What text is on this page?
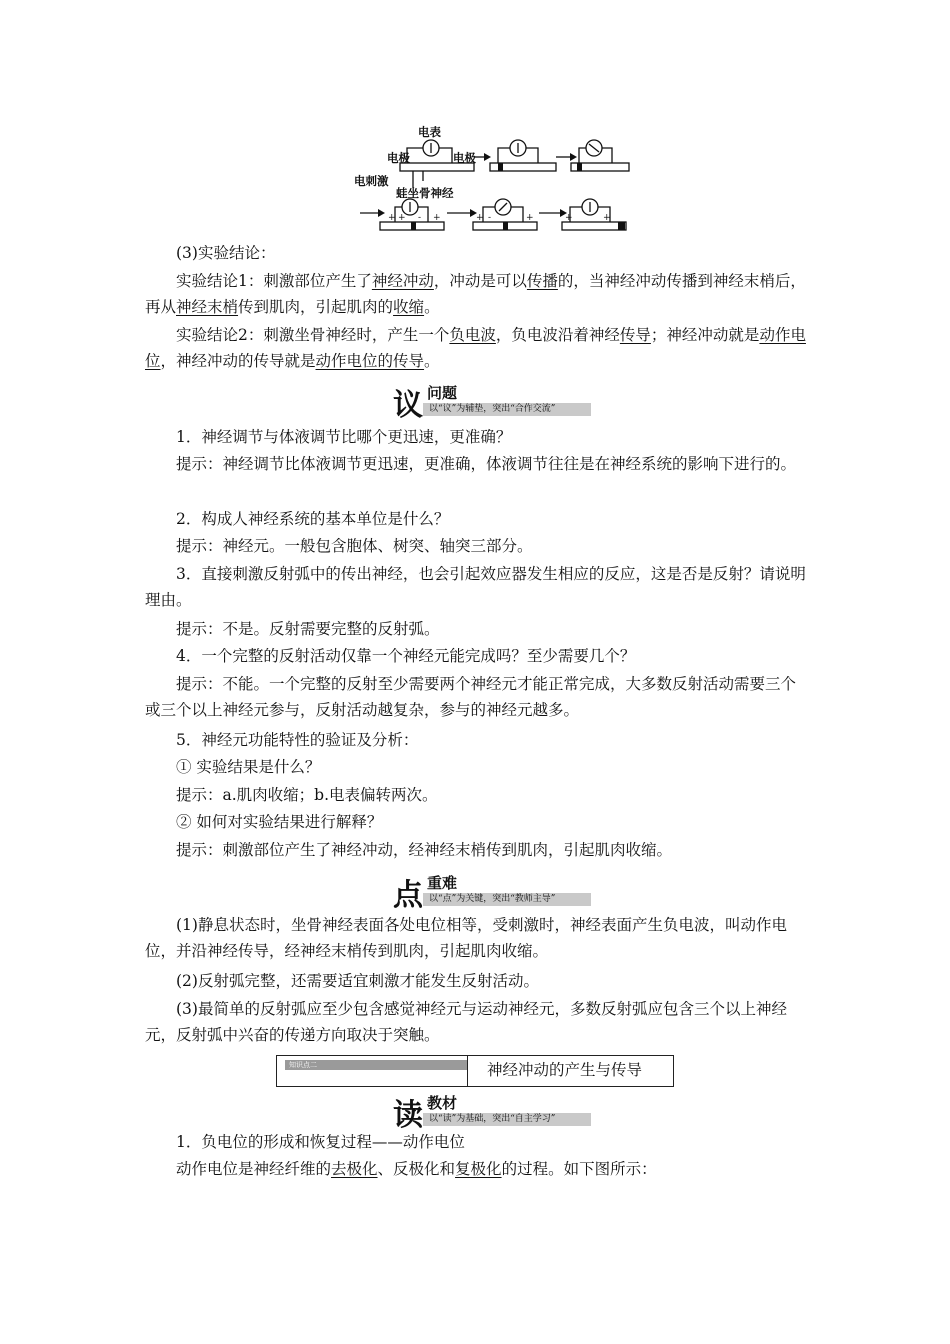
电表
电极	电极
电刺激
蛙坐骨神经
+ + - +	+ -	+	+	+

(3)实验结论：

实验结论1：刺激部位产生了神经冲动，冲动是可以传播的，当神经冲动传播到神经末梢后，再从神经末梢传到肌肉，引起肌肉的收缩。

实验结论2：刺激坐骨神经时，产生一个负电波，负电波沿着神经传导；神经冲动就是动作电位，神经冲动的传导就是动作电位的传导。

议 问题
以“议”为辅垫，突出“合作交流”

1．神经调节与体液调节比哪个更迅速，更准确？

提示：神经调节比体液调节更迅速，更准确，体液调节往往是在神经系统的影响下进行的。

2．构成人神经系统的基本单位是什么？

提示：神经元。一般包含胞体、树突、轴突三部分。

3．直接刺激反射弧中的传出神经，也会引起效应器发生相应的反应，这是否是反射？请说明理由。

提示：不是。反射需要完整的反射弧。

4．一个完整的反射活动仅靠一个神经元能完成吗？至少需要几个？

提示：不能。一个完整的反射至少需要两个神经元才能正常完成，大多数反射活动需要三个或三个以上神经元参与，反射活动越复杂，参与的神经元越多。

5．神经元功能特性的验证及分析：

① 实验结果是什么？

提示：a.肌肉收缩；b.电表偏转两次。

② 如何对实验结果进行解释？

提示：刺激部位产生了神经冲动，经神经末梢传到肌肉，引起肌肉收缩。

点 重难
以“点”为关键，突出“教师主导”

(1)静息状态时，坐骨神经表面各处电位相等，受刺激时，神经表面产生负电波，叫动作电位，并沿神经传导，经神经末梢传到肌肉，引起肌肉收缩。

(2)反射弧完整，还需要适宜刺激才能发生反射活动。

(3)最简单的反射弧应至少包含感觉神经元与运动神经元，多数反射弧应包含三个以上神经元，反射弧中兴奋的传递方向取决于突触。

知识点二	神经冲动的产生与传导
读 教材
以“读”为基础，突出“自主学习”

1．负电位的形成和恢复过程——动作电位

动作电位是神经纤维的去极化、反极化和复极化的过程。如下图所示：
